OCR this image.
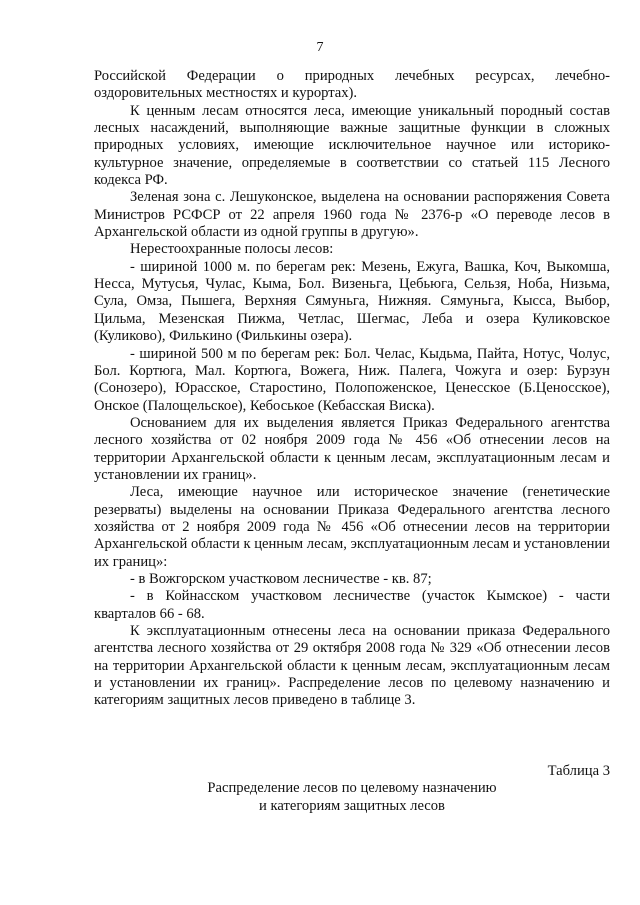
7

Российской Федерации о природных лечебных ресурсах, лечебно-оздоровительных местностях и курортах).

К ценным лесам относятся леса, имеющие уникальный породный состав лесных насаждений, выполняющие важные защитные функции в сложных природных условиях, имеющие исключительное научное или историко-культурное значение, определяемые в соответствии со статьей 115 Лесного кодекса РФ.

Зеленая зона с. Лешуконское, выделена на основании распоряжения Совета Министров РСФСР от 22 апреля 1960 года № 2376-р «О переводе лесов в Архангельской области из одной группы в другую».

Нерестоохранные полосы лесов:

- шириной 1000 м. по берегам рек: Мезень, Ежуга, Вашка, Коч, Выкомша, Несса, Мутусья, Чулас, Кыма, Бол. Визеньга, Цебьюга, Сельзя, Ноба, Низьма, Сула, Омза, Пышега, Верхняя Сямуньга, Нижняя. Сямуньга, Кысса, Выбор, Цильма, Мезенская Пижма, Четлас, Шегмас, Леба и озера Куликовское (Куликово), Филькино (Филькины озера).

- шириной 500 м по берегам рек: Бол. Челас, Кыдьма, Пайта, Нотус, Чолус, Бол. Кортюга, Мал. Кортюга, Вожега, Ниж. Палега, Чожуга и озер: Бурзун (Сонозеро), Юрасское, Старостино, Полопоженское, Ценесское (Б.Ценосское), Онское (Палощельское), Кебоськое (Кебасская Виска).

Основанием для их выделения является Приказ Федерального агентства лесного хозяйства от 02 ноября 2009 года № 456 «Об отнесении лесов на территории Архангельской области к ценным лесам, эксплуатационным лесам и установлении их границ».

Леса, имеющие научное или историческое значение (генетические резерваты) выделены на основании Приказа Федерального агентства лесного хозяйства от 2 ноября 2009 года № 456 «Об отнесении лесов на территории Архангельской области к ценным лесам, эксплуатационным лесам и установлении их границ»:

- в Вожгорском участковом лесничестве - кв. 87;

- в Койнасском участковом лесничестве (участок Кымское) - части кварталов 66 - 68.

К эксплуатационным отнесены леса на основании приказа Федерального агентства лесного хозяйства от 29 октября 2008 года № 329 «Об отнесении лесов на территории Архангельской области к ценным лесам, эксплуатационным лесам и установлении их границ». Распределение лесов по целевому назначению и категориям защитных лесов приведено в таблице 3.

Таблица 3
Распределение лесов по целевому назначению
и категориям защитных лесов
